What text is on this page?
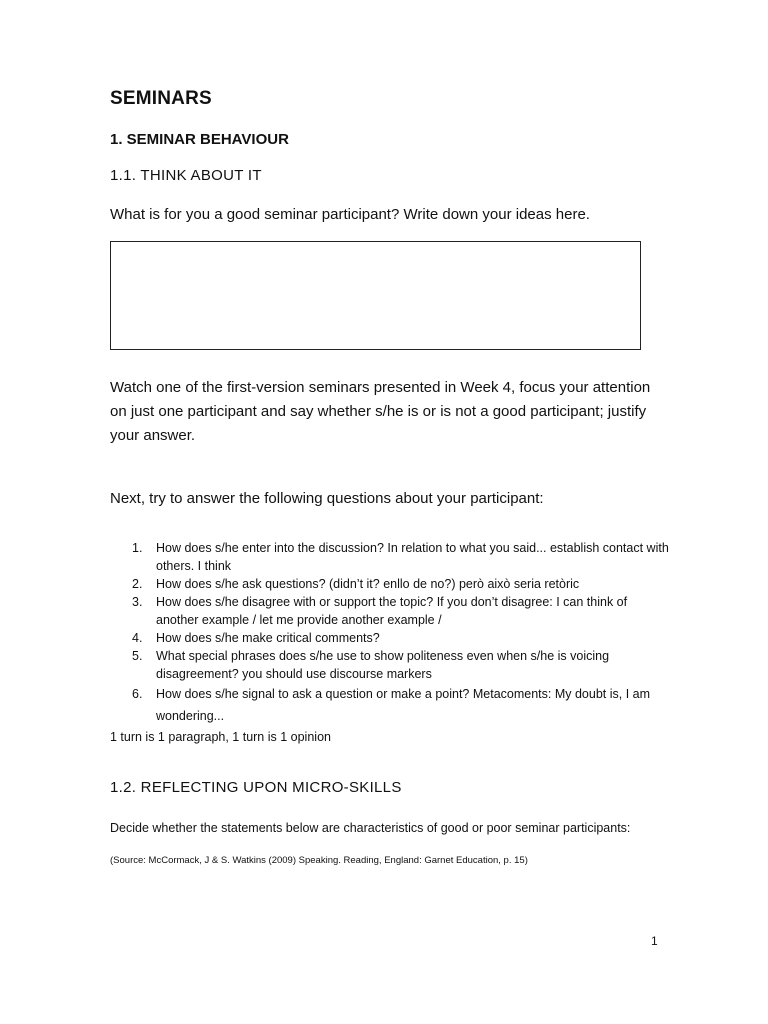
SEMINARS
1. SEMINAR BEHAVIOUR
1.1. THINK ABOUT IT

What is for you a good seminar participant? Write down your ideas here.

Watch one of the first-version seminars presented in Week 4, focus your attention on just one participant and say whether s/he is or is not a good participant; justify your answer.

Next, try to answer the following questions about your participant:

1. How does s/he enter into the discussion? In relation to what you said... establish contact with others. I think
2. How does s/he ask questions? (didn’t it? enllo de no?) però això seria retòric
3. How does s/he disagree with or support the topic? If you don’t disagree: I can think of another example / let me provide another example /
4. How does s/he make critical comments?
5. What special phrases does s/he use to show politeness even when s/he is voicing disagreement? you should use discourse markers
6. How does s/he signal to ask a question or make a point? Metacoments: My doubt is, I am wondering...
1 turn is 1 paragraph, 1 turn is 1 opinion
1.2. REFLECTING UPON MICRO-SKILLS
Decide whether the statements below are characteristics of good or poor seminar participants:
(Source: McCormack, J & S. Watkins (2009) Speaking. Reading, England: Garnet Education, p. 15)
1
